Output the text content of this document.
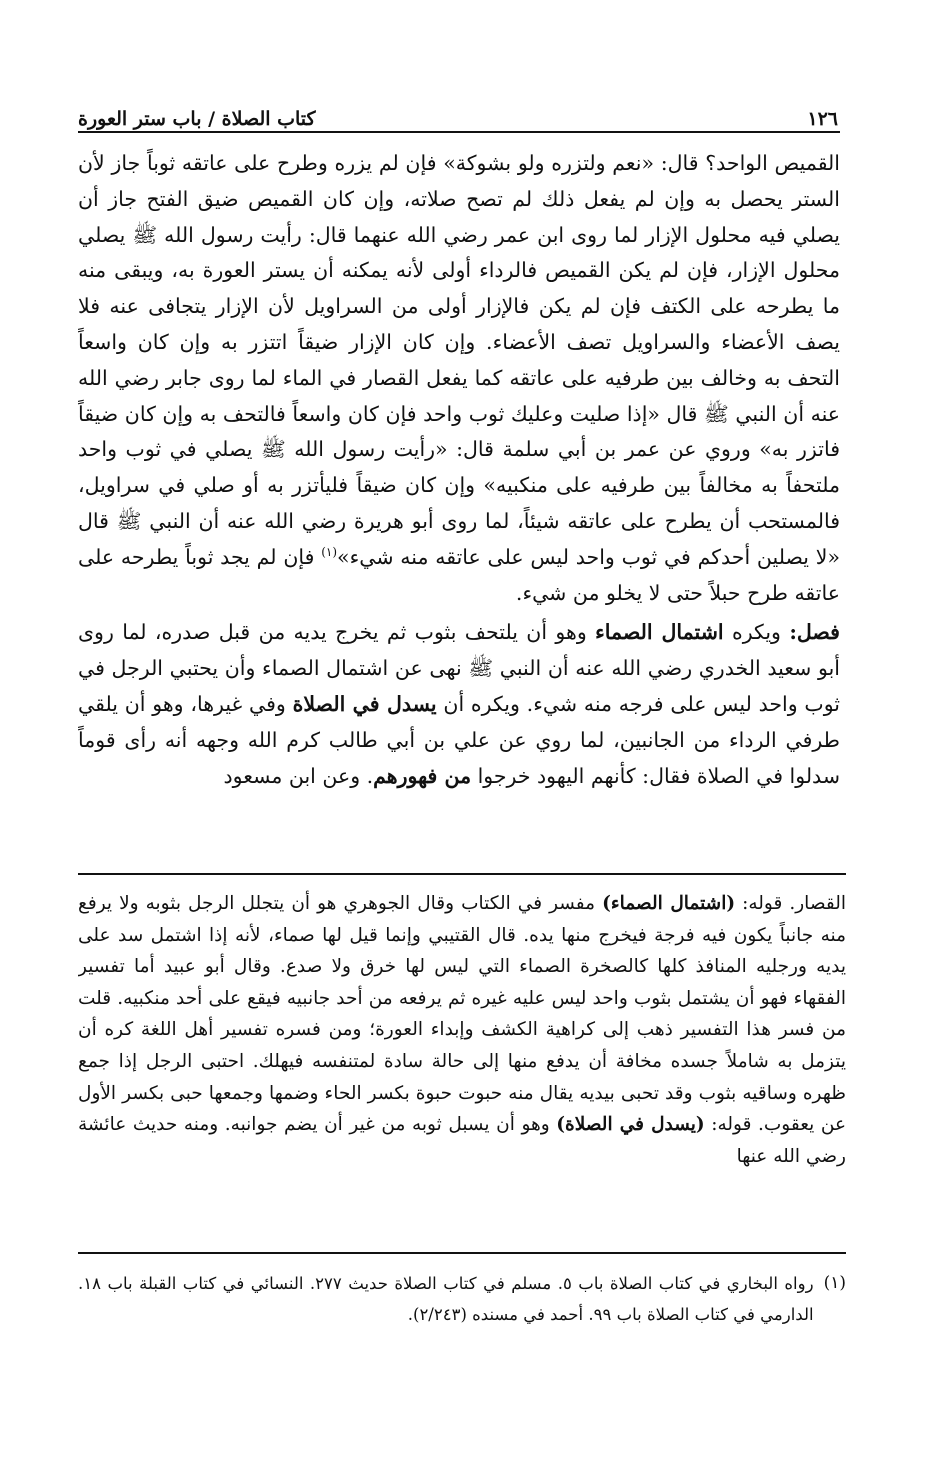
١٢٦
كتاب الصلاة / باب ستر العورة

القميص الواحد؟ قال: «نعم ولتزره ولو بشوكة» فإن لم يزره وطرح على عاتقه ثوباً جاز لأن الستر يحصل به وإن لم يفعل ذلك لم تصح صلاته، وإن كان القميص ضيق الفتح جاز أن يصلي فيه محلول الإزار لما روى ابن عمر رضي الله عنهما قال: رأيت رسول الله ﷺ يصلي محلول الإزار، فإن لم يكن القميص فالرداء أولى لأنه يمكنه أن يستر العورة به، ويبقى منه ما يطرحه على الكتف فإن لم يكن فالإزار أولى من السراويل لأن الإزار يتجافى عنه فلا يصف الأعضاء والسراويل تصف الأعضاء. وإن كان الإزار ضيقاً اتتزر به وإن كان واسعاً التحف به وخالف بين طرفيه على عاتقه كما يفعل القصار في الماء لما روى جابر رضي الله عنه أن النبي ﷺ قال «إذا صليت وعليك ثوب واحد فإن كان واسعاً فالتحف به وإن كان ضيقاً فاتزر به» وروي عن عمر بن أبي سلمة قال: «رأيت رسول الله ﷺ يصلي في ثوب واحد ملتحفاً به مخالفاً بين طرفيه على منكبيه» وإن كان ضيقاً فليأتزر به أو صلي في سراويل، فالمستحب أن يطرح على عاتقه شيئاً، لما روى أبو هريرة رضي الله عنه أن النبي ﷺ قال «لا يصلين أحدكم في ثوب واحد ليس على عاتقه منه شيء»$^{(١)}$ فإن لم يجد ثوباً يطرحه على عاتقه طرح حبلاً حتى لا يخلو من شيء.

فصل: ويكره اشتمال الصماء وهو أن يلتحف بثوب ثم يخرج يديه من قبل صدره، لما روى أبو سعيد الخدري رضي الله عنه أن النبي ﷺ نهى عن اشتمال الصماء وأن يحتبي الرجل في ثوب واحد ليس على فرجه منه شيء. ويكره أن يسدل في الصلاة وفي غيرها، وهو أن يلقي طرفي الرداء من الجانبين، لما روي عن علي بن أبي طالب كرم الله وجهه أنه رأى قوماً سدلوا في الصلاة فقال: كأنهم اليهود خرجوا من فهورهم. وعن ابن مسعود

القصار. قوله: (اشتمال الصماء) مفسر في الكتاب وقال الجوهري هو أن يتجلل الرجل بثوبه ولا يرفع منه جانباً يكون فيه فرجة فيخرج منها يده. قال القتيبي وإنما قيل لها صماء، لأنه إذا اشتمل سد على يديه ورجليه المنافذ كلها كالصخرة الصماء التي ليس لها خرق ولا صدع. وقال أبو عبيد أما تفسير الفقهاء فهو أن يشتمل بثوب واحد ليس عليه غيره ثم يرفعه من أحد جانبيه فيقع على أحد منكبيه. قلت من فسر هذا التفسير ذهب إلى كراهية الكشف وإبداء العورة؛ ومن فسره تفسير أهل اللغة كره أن يتزمل به شاملاً جسده مخافة أن يدفع منها إلى حالة سادة لمتنفسه فيهلك. احتبى الرجل إذا جمع ظهره وساقيه بثوب وقد تحبى بيديه يقال منه حبوت حبوة بكسر الحاء وضمها وجمعها حبى بكسر الأول عن يعقوب. قوله: (يسدل في الصلاة) وهو أن يسبل ثوبه من غير أن يضم جوانبه. ومنه حديث عائشة رضي الله عنها

(١)

رواه البخاري في كتاب الصلاة باب ٥. مسلم في كتاب الصلاة حديث ٢٧٧. النسائي في كتاب القبلة باب ١٨. الدارمي في كتاب الصلاة باب ٩٩. أحمد في مسنده (٢/٢٤٣).
